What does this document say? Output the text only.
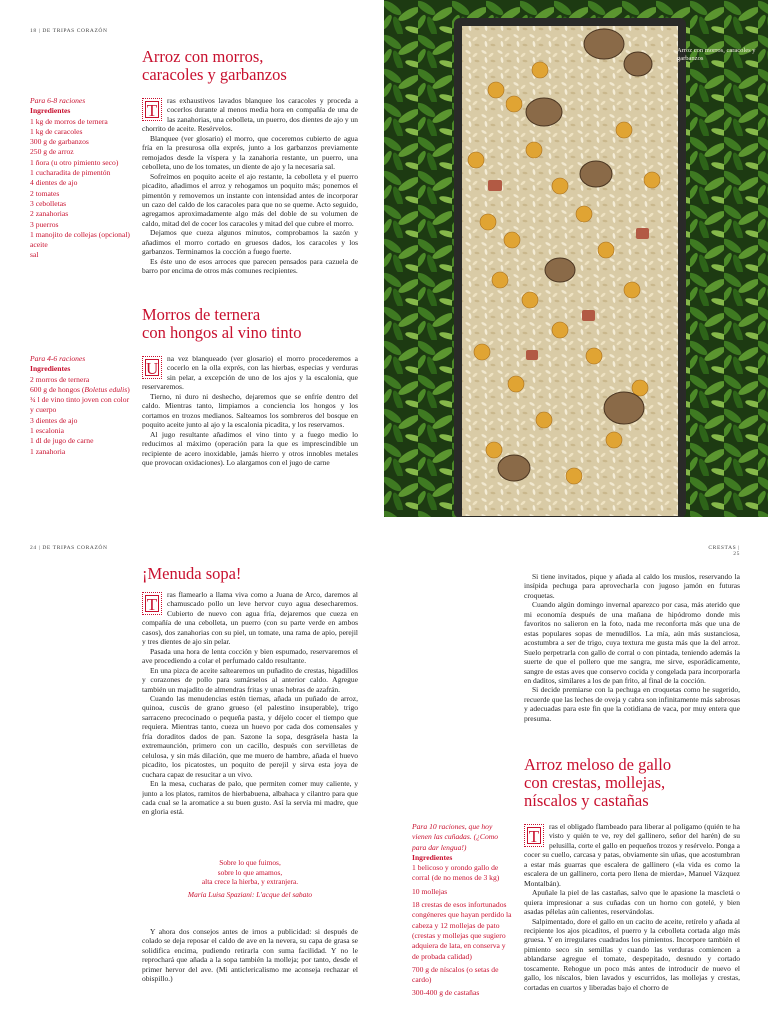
18 | DE TRIPAS CORAZÓN
Arroz con morros,
caracoles y garbanzos
Para 6-8 raciones
Ingredientes
1 kg de morros de ternera
1 kg de caracoles
300 g de garbanzos
250 g de arroz
1 ñora (u otro pimiento seco)
1 cucharadita de pimentón
4 dientes de ajo
2 tomates
3 cebolletas
2 zanahorias
3 puerros
1 manojito de collejas (opcional)
aceite
sal
T

ras exhaustivos lavados blanquee los caracoles y proceda a cocerlos durante al menos media hora en compañía de una de las zanahorias, una cebolleta, un puerro, dos dientes de ajo y un chorrito de aceite. Resérvelos.

Blanquee (ver glosario) el morro, que coceremos cubierto de agua fría en la presurosa olla exprés, junto a los garbanzos previamente remojados desde la víspera y la zanahoria restante, un puerro, una cebolleta, uno de los tomates, un diente de ajo y la necesaria sal.

Sofreímos en poquito aceite el ajo restante, la cebolleta y el puerro picadito, añadimos el arroz y rehogamos un poquito más; ponemos el pimentón y removemos un instante con intensidad antes de incorporar un cazo del caldo de los caracoles para que no se queme. Acto seguido, agregamos aproximadamente algo más del doble de su volumen de caldo, mitad del de cocer los caracoles y mitad del que cubre el morro.

Dejamos que cueza algunos minutos, comprobamos la sazón y añadimos el morro cortado en gruesos dados, los caracoles y los garbanzos. Terminamos la cocción a fuego fuerte.

Es éste uno de esos arroces que parecen pensados para cazuela de barro por encima de otros más comunes recipientes.

Morros de ternera
con hongos al vino tinto
Para 4-6 raciones
Ingredientes
2 morros de ternera
600 g de hongos (Boletus edulis)
¾ l de vino tinto joven con color y cuerpo
3 dientes de ajo
1 escalonia
1 dl de jugo de carne
1 zanahoria
U

na vez blanqueado (ver glosario) el morro procederemos a cocerlo en la olla exprés, con las hierbas, especias y verduras sin pelar, a excepción de uno de los ajos y la escalonia, que reservaremos.

Tierno, ni duro ni deshecho, dejaremos que se enfríe dentro del caldo. Mientras tanto, limpiamos a conciencia los hongos y los cortamos en trozos medianos. Salteamos los sombreros del bosque en poquito aceite junto al ajo y la escalonia picadita, y los reservamos.

Al jugo resultante añadimos el vino tinto y a fuego medio lo reducimos al máximo (operación para la que es imprescindible un recipiente de acero inoxidable, jamás hierro y otros innobles metales que provocan oxidaciones). Lo alargamos con el jugo de carne

Arroz con morros, caracoles y garbanzos
24 | DE TRIPAS CORAZÓN	CRESTAS | 25
¡Menuda sopa!
T

ras flamearlo a llama viva como a Juana de Arco, daremos al chamuscado pollo un leve hervor cuyo agua desecharemos. Cubierto de nuevo con agua fría, dejaremos que cueza en compañía de una cebolleta, un puerro (con su parte verde en ambos casos), dos zanahorias con su piel, un tomate, una rama de apio, perejil y tres dientes de ajo sin pelar.

Pasada una hora de lenta cocción y bien espumado, reservaremos el ave procediendo a colar el perfumado caldo resultante.

En una pizca de aceite saltearemos un puñadito de crestas, higadillos y corazones de pollo para sumárselos al anterior caldo. Agregue también un majadito de almendras fritas y unas hebras de azafrán.

Cuando las menudencias estén tiernas, añada un puñado de arroz, quinoa, cuscús de grano grueso (el palestino insuperable), trigo sarraceno precocinado o pequeña pasta, y déjelo cocer el tiempo que requiera. Mientras tanto, cueza un huevo por cada dos comensales y fría doraditos dados de pan. Sazone la sopa, desgrásela hasta la extremaunción, primero con un cacillo, después con servilletas de celulosa, y sin más dilación, que me muero de hambre, añada el huevo picadito, los picatostes, un poquito de perejil y sirva esta joya de cuchara capaz de resucitar a un vivo.

En la mesa, cucharas de palo, que permiten comer muy caliente, y junto a los platos, ramitos de hierbabuena, albahaca y cilantro para que cada cual se la aromatice a su buen gusto. Así la servía mi madre, que en gloria está.

Sobre lo que fuimos,
sobre lo que amamos,
alta crece la hierba, y extranjera.
María Luisa Spaziani: L'acque del sabato

Y ahora dos consejos antes de irnos a publicidad: si después de colado se deja reposar el caldo de ave en la nevera, su capa de grasa se solidifica encima, pudiendo retirarla con suma facilidad. Y no le reprochará que añada a la sopa también la molleja; por tanto, desde el primer hervor del ave. (Mi anticlericalismo me aconseja rechazar el obispillo.)

Si tiene invitados, pique y añada al caldo los muslos, reservando la insípida pechuga para aprovecharla con jugoso jamón en futuras croquetas.

Cuando algún domingo invernal aparezco por casa, más aterido que mi economía después de una mañana de hipódromo donde mis favoritos no salieron en la foto, nada me reconforta más que una de estas populares sopas de menudillos. La mía, aún más sustanciosa, acostumbra a ser de trigo, cuya textura me gusta más que la del arroz. Suelo perpetrarla con gallo de corral o con pintada, teniendo además la suerte de que el pollero que me sangra, me sirve, esporádicamente, sangre de estas aves que conservo cocida y congelada para incorporarla en daditos, similares a los de pan frito, al final de la cocción.

Si decide premiarse con la pechuga en croquetas como he sugerido, recuerde que las leches de oveja y cabra son infinitamente más sabrosas y adecuadas para este fin que la cotidiana de vaca, por muy entera que presuma.

Arroz meloso de gallo
con crestas, mollejas,
níscalos y castañas
Para 10 raciones, que hoy vienen las cuñadas. (¿Como para dar lengua!)
Ingredientes
1 belicoso y orondo gallo de corral (de no menos de 3 kg)
10 mollejas
18 crestas de esos infortunados congéneres que hayan perdido la cabeza y 12 mollejas de pato (crestas y mollejas que sugiero adquiera de lata, en conserva y de probada calidad)
700 g de níscalos (o setas de cardo)
300-400 g de castañas
T

ras el obligado flambeado para liberar al polígamo (quién te ha visto y quién te ve, rey del gallinero, señor del harén) de su pelusilla, corte el gallo en pequeños trozos y resérvelo. Ponga a cocer su cuello, carcasa y patas, obviamente sin uñas, que acostumbran a estar más guarras que escalera de gallinero («la vida es como la escalera de un gallinero, corta pero llena de mierda», Manuel Vázquez Montalbán).

Apuñale la piel de las castañas, salvo que le apasione la mascletá o quiera impresionar a sus cuñadas con un horno con gotelé, y bien asadas pélelas aún calientes, reservándolas.

Salpimentado, dore el gallo en un cacito de aceite, retírelo y añada al recipiente los ajos picaditos, el puerro y la cebolleta cortada algo más gruesa. Y en irregulares cuadrados los pimientos. Incorpore también el pimiento seco sin semillas y cuando las verduras comiencen a ablandarse agregue el tomate, despepitado, desnudo y cortado toscamente. Rehogue un poco más antes de introducir de nuevo el gallo, los níscalos, bien lavados y escurridos, las mollejas y crestas, cortadas en cuartos y liberadas bajo el chorro de
